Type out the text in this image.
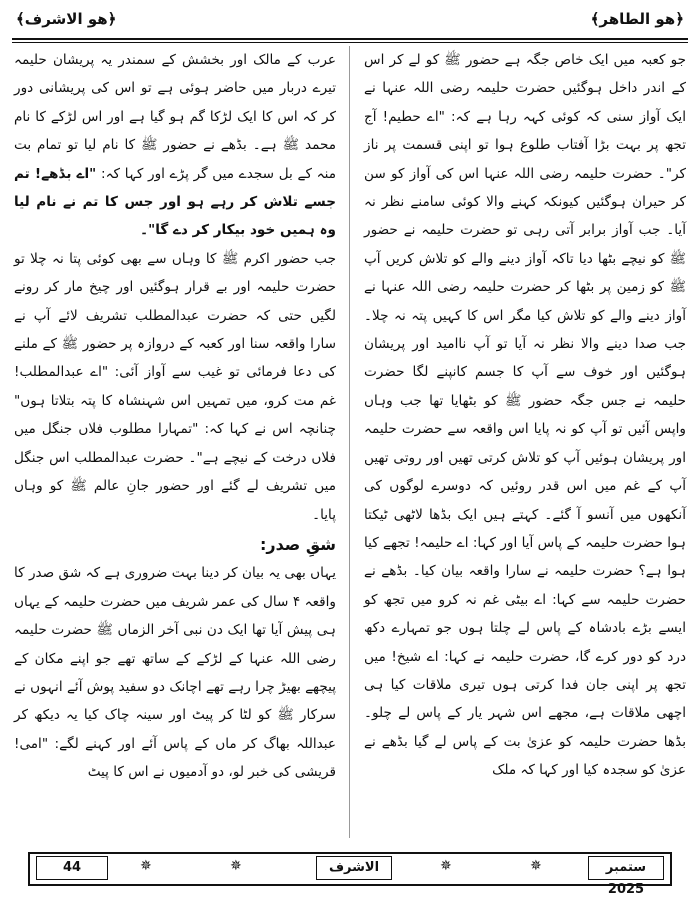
﴿ھو الطاھر﴾
﴿ھو الاشرف﴾

جو کعبہ میں ایک خاص جگہ ہے حضور ﷺ کو لے کر اس کے اندر داخل ہوگئیں حضرت حلیمہ رضی اللہ عنہا نے ایک آواز سنی کہ کوئی کہہ رہا ہے کہ: "اے حطیم! آج تجھ پر بہت بڑا آفتاب طلوع ہوا تو اپنی قسمت پر ناز کر"۔ حضرت حلیمہ رضی اللہ عنہا اس کی آواز کو سن کر حیران ہوگئیں کیونکہ کہنے والا کوئی سامنے نظر نہ آیا۔ جب آواز برابر آتی رہی تو حضرت حلیمہ نے حضور ﷺ کو نیچے بٹھا دیا تاکہ آواز دینے والے کو تلاش کریں آپ ﷺ کو زمین پر بٹھا کر حضرت حلیمہ رضی اللہ عنہا نے آواز دینے والے کو تلاش کیا مگر اس کا کہیں پتہ نہ چلا۔ جب صدا دینے والا نظر نہ آیا تو آپ ناامید اور پریشان ہوگئیں اور خوف سے آپ کا جسم کانپنے لگا حضرت حلیمہ نے جس جگہ حضور ﷺ کو بٹھایا تھا جب وہاں واپس آئیں تو آپ کو نہ پایا اس واقعہ سے حضرت حلیمہ اور پریشان ہوئیں آپ کو تلاش کرتی تھیں اور روتی تھیں آپ کے غم میں اس قدر روئیں کہ دوسرے لوگوں کی آنکھوں میں آنسو آ گئے۔ کہتے ہیں ایک بڈھا لاٹھی ٹیکتا ہوا حضرت حلیمہ کے پاس آیا اور کہا: اے حلیمہ! تجھے کیا ہوا ہے؟ حضرت حلیمہ نے سارا واقعہ بیان کیا۔ بڈھے نے حضرت حلیمہ سے کہا: اے بیٹی غم نہ کرو میں تجھ کو ایسے بڑے بادشاہ کے پاس لے چلتا ہوں جو تمہارے دکھ درد کو دور کرے گا، حضرت حلیمہ نے کہا: اے شیخ! میں تجھ پر اپنی جان فدا کرتی ہوں تیری ملاقات کیا ہی اچھی ملاقات ہے، مجھے اس شہر یار کے پاس لے چلو۔ بڈھا حضرت حلیمہ کو عزیٰ بت کے پاس لے گیا بڈھے نے عزیٰ کو سجدہ کیا اور کہا کہ ملک

عرب کے مالک اور بخشش کے سمندر یہ پریشان حلیمہ تیرے دربار میں حاضر ہوئی ہے تو اس کی پریشانی دور کر کہ اس کا ایک لڑکا گم ہو گیا ہے اور اس لڑکے کا نام محمد ﷺ ہے۔ بڈھے نے حضور ﷺ کا نام لیا تو تمام بت منہ کے بل سجدے میں گر پڑے اور کہا کہ: "اے بڈھے! تم جسے تلاش کر رہے ہو اور جس کا تم نے نام لیا وہ ہمیں خود بیکار کر دے گا"۔

جب حضور اکرم ﷺ کا وہاں سے بھی کوئی پتا نہ چلا تو حضرت حلیمہ اور بے قرار ہوگئیں اور چیخ مار کر رونے لگیں حتی کہ حضرت عبدالمطلب تشریف لائے آپ نے سارا واقعہ سنا اور کعبہ کے دروازہ پر حضور ﷺ کے ملنے کی دعا فرمائی تو غیب سے آواز آئی: "اے عبدالمطلب! غم مت کرو، میں تمہیں اس شہنشاہ کا پتہ بتلاتا ہوں" چنانچہ اس نے کہا کہ: "تمہارا مطلوب فلاں جنگل میں فلاں درخت کے نیچے ہے"۔ حضرت عبدالمطلب اس جنگل میں تشریف لے گئے اور حضور جانِ عالم ﷺ کو وہاں پایا۔

شقِ صدر:

یہاں بھی یہ بیان کر دینا بہت ضروری ہے کہ شق صدر کا واقعہ ۴ سال کی عمر شریف میں حضرت حلیمہ کے یہاں ہی پیش آیا تھا ایک دن نبی آخر الزماں ﷺ حضرت حلیمہ رضی اللہ عنہا کے لڑکے کے ساتھ تھے جو اپنے مکان کے پیچھے بھیڑ چرا رہے تھے اچانک دو سفید پوش آئے انہوں نے سرکار ﷺ کو لٹا کر پیٹ اور سینہ چاک کیا یہ دیکھ کر عبداللہ بھاگ کر ماں کے پاس آئے اور کہنے لگے: "امی! قریشی کی خبر لو، دو آدمیوں نے اس کا پیٹ

44	✵	✵	الاشرف	✵	✵	ستمبر 2025
